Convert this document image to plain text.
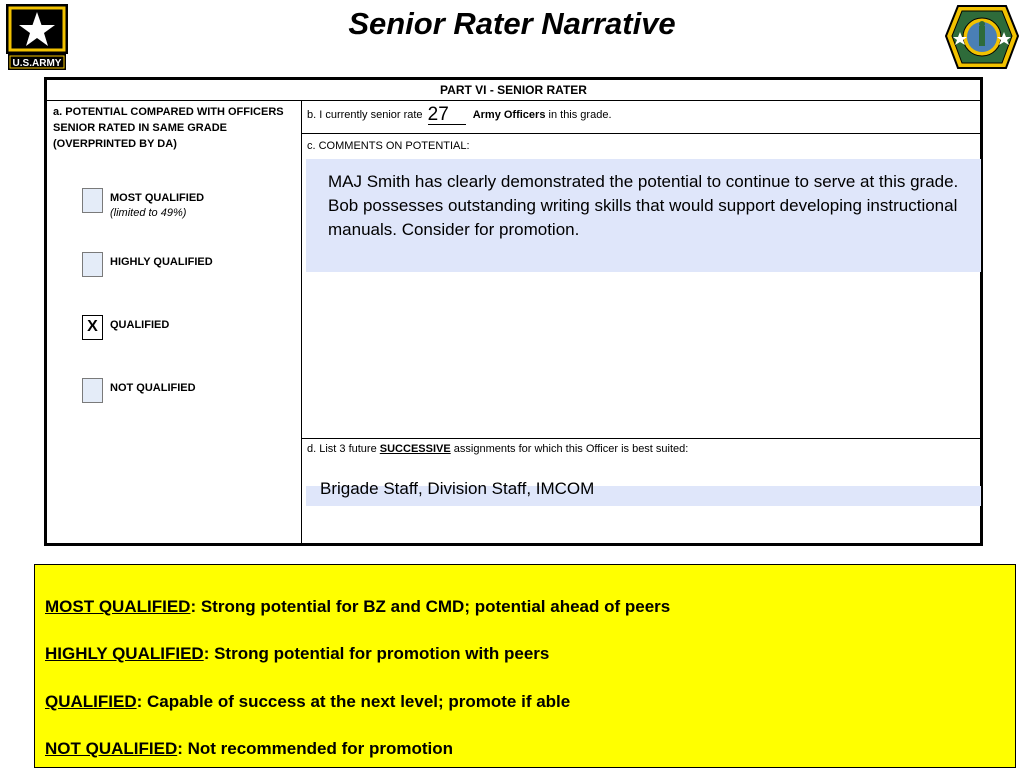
U.S.ARMY
Senior Rater Narrative
PART VI - SENIOR RATER
a. POTENTIAL COMPARED WITH OFFICERS SENIOR RATED IN SAME GRADE (OVERPRINTED BY DA)
MOST QUALIFIED
(limited to 49%)
HIGHLY QUALIFIED
X	QUALIFIED
NOT QUALIFIED
b. I currently senior rate 27 Army Officers in this grade.
c. COMMENTS ON POTENTIAL:
MAJ Smith has clearly demonstrated the potential to continue to serve at this grade. Bob possesses outstanding writing skills that would support developing instructional manuals. Consider for promotion.
d. List 3 future SUCCESSIVE assignments for which this Officer is best suited:
Brigade Staff, Division Staff, IMCOM
MOST QUALIFIED: Strong potential for BZ and CMD; potential ahead of peers
HIGHLY QUALIFIED: Strong potential for promotion with peers
QUALIFIED: Capable of success at the next level; promote if able
NOT QUALIFIED: Not recommended for promotion
